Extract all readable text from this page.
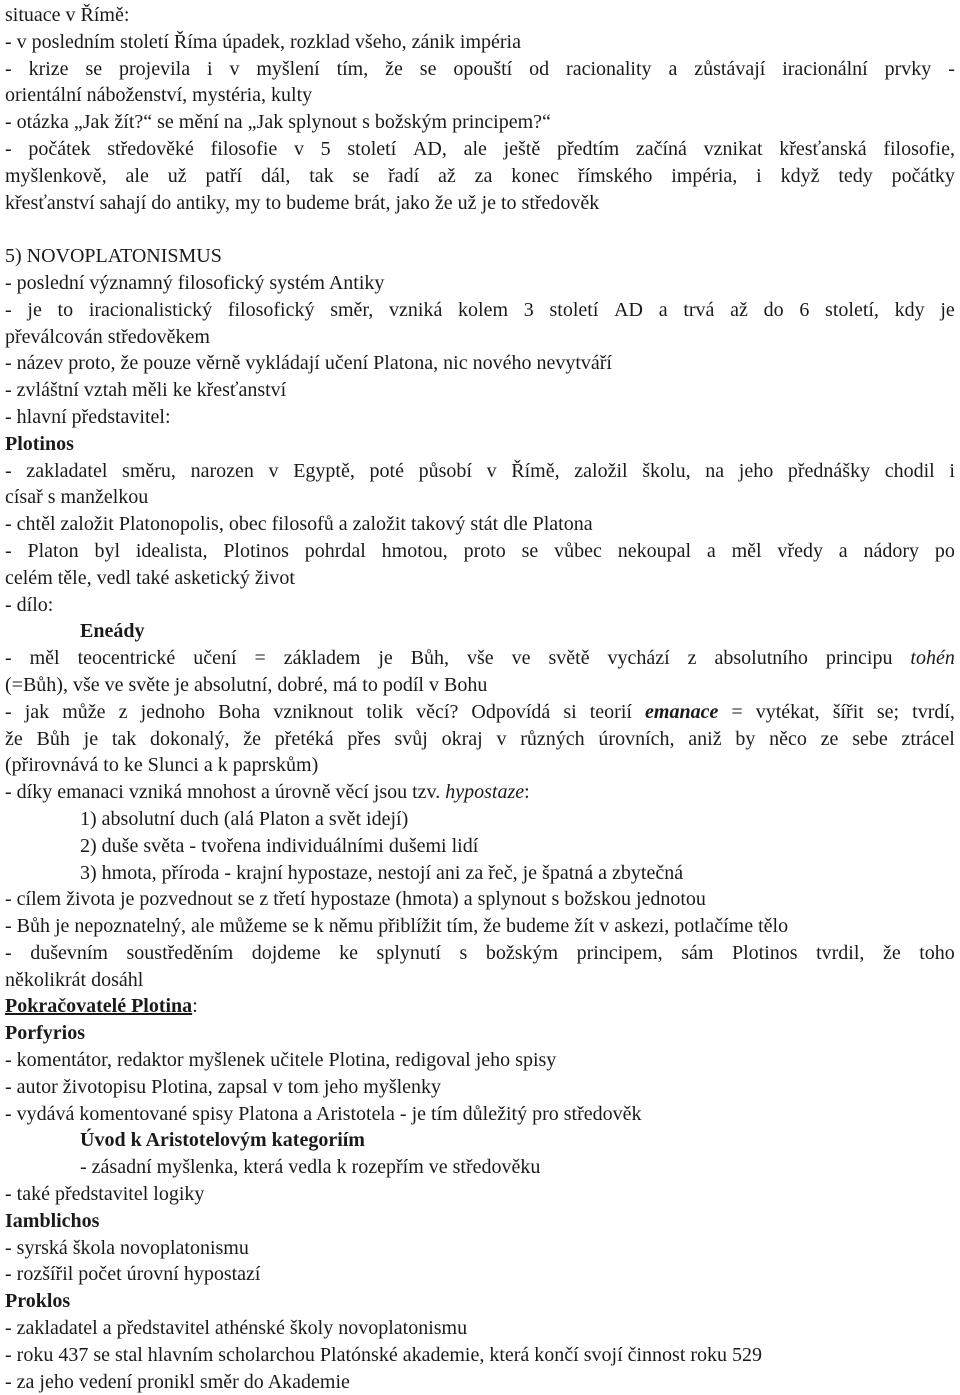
situace v Římě:
- v posledním století Říma úpadek, rozklad všeho, zánik impéria
- krize se projevila i v myšlení tím, že se opouští od racionality a zůstávají iracionální prvky -
orientální náboženství, mystéria, kulty
- otázka „Jak žít?“ se mění na „Jak splynout s božským principem?“
- počátek středověké filosofie v 5 století AD, ale ještě předtím začíná vznikat křesťanská filosofie,
myšlenkově, ale už patří dál, tak se řadí až za konec římského impéria, i když tedy počátky
křesťanství sahají do antiky, my to budeme brát, jako že už je to středověk
5) NOVOPLATONISMUS
- poslední významný filosofický systém Antiky
- je to iracionalistický filosofický směr, vzniká kolem 3 století AD a trvá až do 6 století, kdy je
převálcován středověkem
- název proto, že pouze věrně vykládají učení Platona, nic nového nevytváří
- zvláštní vztah měli ke křesťanství
- hlavní představitel:
Plotinos
- zakladatel směru, narozen v Egyptě, poté působí v Římě, založil školu, na jeho přednášky chodil i
císař s manželkou
- chtěl založit Platonopolis, obec filosofů a založit takový stát dle Platona
- Platon byl idealista, Plotinos pohrdal hmotou, proto se vůbec nekoupal a měl vředy a nádory po
celém těle, vedl také asketický život
- dílo:
Eneády
- měl teocentrické učení = základem je Bůh, vše ve světě vychází z absolutního principu tohén
(=Bůh), vše ve světe je absolutní, dobré, má to podíl v Bohu
- jak může z jednoho Boha vzniknout tolik věcí? Odpovídá si teorií emanace = vytékat, šířit se; tvrdí,
že Bůh je tak dokonalý, že přetéká přes svůj okraj v různých úrovních, aniž by něco ze sebe ztrácel
(přirovnává to ke Slunci a k paprskům)
- díky emanaci vzniká mnohost a úrovně věcí jsou tzv. hypostaze:
1) absolutní duch (alá Platon a svět idejí)
2) duše světa - tvořena individuálními dušemi lidí
3) hmota, příroda - krajní hypostaze, nestojí ani za řeč, je špatná a zbytečná
- cílem života je pozvednout se z třetí hypostaze (hmota) a splynout s božskou jednotou
- Bůh je nepoznatelný, ale můžeme se k němu přiblížit tím, že budeme žít v askezi, potlačíme tělo
- duševním soustředěním dojdeme ke splynutí s božským principem, sám Plotinos tvrdil, že toho
několikrát dosáhl
Pokračovatelé Plotina:
Porfyrios
- komentátor, redaktor myšlenek učitele Plotina, redigoval jeho spisy
- autor životopisu Plotina, zapsal v tom jeho myšlenky
- vydává komentované spisy Platona a Aristotela - je tím důležitý pro středověk
Úvod k Aristotelovým kategoriím
- zásadní myšlenka, která vedla k rozepřím ve středověku
- také představitel logiky
Iamblichos
- syrská škola novoplatonismu
- rozšířil počet úrovní hypostazí
Proklos
- zakladatel a představitel athénské školy novoplatonismu
- roku 437 se stal hlavním scholarchou Platónské akademie, která končí svojí činnost roku 529
- za jeho vedení pronikl směr do Akademie
